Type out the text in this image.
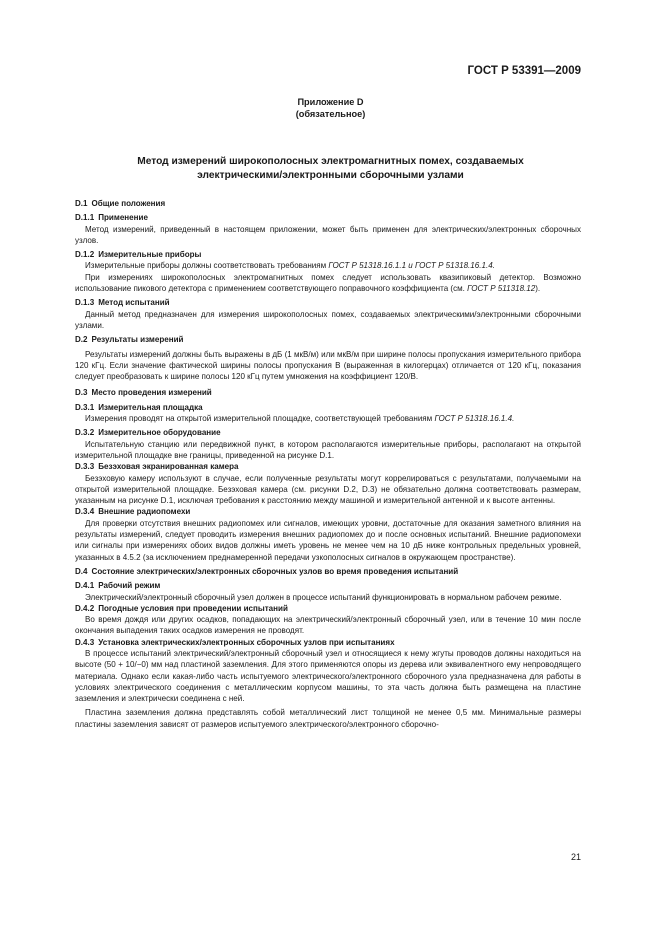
ГОСТ Р 53391—2009
Приложение D
(обязательное)
Метод измерений широкополосных электромагнитных помех, создаваемых
электрическими/электронными сборочными узлами

D.1 Общие положения

D.1.1 Применение

Метод измерений, приведенный в настоящем приложении, может быть применен для электрических/электронных сборочных узлов.

D.1.2 Измерительные приборы

Измерительные приборы должны соответствовать требованиям ГОСТ Р 51318.16.1.1 и ГОСТ Р 51318.16.1.4.

При измерениях широкополосных электромагнитных помех следует использовать квазипиковый детектор. Возможно использование пикового детектора с применением соответствующего поправочного коэффициента (см. ГОСТ Р 511318.12).

D.1.3 Метод испытаний

Данный метод предназначен для измерения широкополосных помех, создаваемых электрическими/электронными сборочными узлами.

D.2 Результаты измерений

Результаты измерений должны быть выражены в дБ (1 мкВ/м) или мкВ/м при ширине полосы пропускания измерительного прибора 120 кГц. Если значение фактической ширины полосы пропускания В (выраженная в килогерцах) отличается от 120 кГц, показания следует преобразовать к ширине полосы 120 кГц путем умножения на коэффициент 120/В.

D.3 Место проведения измерений

D.3.1 Измерительная площадка

Измерения проводят на открытой измерительной площадке, соответствующей требованиям ГОСТ Р 51318.16.1.4.

D.3.2 Измерительное оборудование

Испытательную станцию или передвижной пункт, в котором располагаются измерительные приборы, располагают на открытой измерительной площадке вне границы, приведенной на рисунке D.1.

D.3.3 Безэховая экранированная камера

Безэховую камеру используют в случае, если полученные результаты могут коррелироваться с результатами, получаемыми на открытой измерительной площадке. Безэховая камера (см. рисунки D.2, D.3) не обязательно должна соответствовать размерам, указанным на рисунке D.1, исключая требования к расстоянию между машиной и измерительной антенной и к высоте антенны.

D.3.4 Внешние радиопомехи

Для проверки отсутствия внешних радиопомех или сигналов, имеющих уровни, достаточные для оказания заметного влияния на результаты измерений, следует проводить измерения внешних радиопомех до и после основных испытаний. Внешние радиопомехи или сигналы при измерениях обоих видов должны иметь уровень не менее чем на 10 дБ ниже контрольных предельных уровней, указанных в 4.5.2 (за исключением преднамеренной передачи узкополосных сигналов в окружающем пространстве).

D.4 Состояние электрических/электронных сборочных узлов во время проведения испытаний

D.4.1 Рабочий режим

Электрический/электронный сборочный узел должен в процессе испытаний функционировать в нормальном рабочем режиме.

D.4.2 Погодные условия при проведении испытаний

Во время дождя или других осадков, попадающих на электрический/электронный сборочный узел, или в течение 10 мин после окончания выпадения таких осадков измерения не проводят.

D.4.3 Установка электрических/электронных сборочных узлов при испытаниях

В процессе испытаний электрический/электронный сборочный узел и относящиеся к нему жгуты проводов должны находиться на высоте (50 + 10/−0) мм над пластиной заземления. Для этого применяются опоры из дерева или эквивалентного ему непроводящего материала. Однако если какая-либо часть испытуемого электрического/электронного сборочного узла предназначена для работы в условиях электрического соединения с металлическим корпусом машины, то эта часть должна быть размещена на пластине заземления и электрически соединена с ней.

Пластина заземления должна представлять собой металлический лист толщиной не менее 0,5 мм. Минимальные размеры пластины заземления зависят от размеров испытуемого электрического/электронного сборочно-

21
